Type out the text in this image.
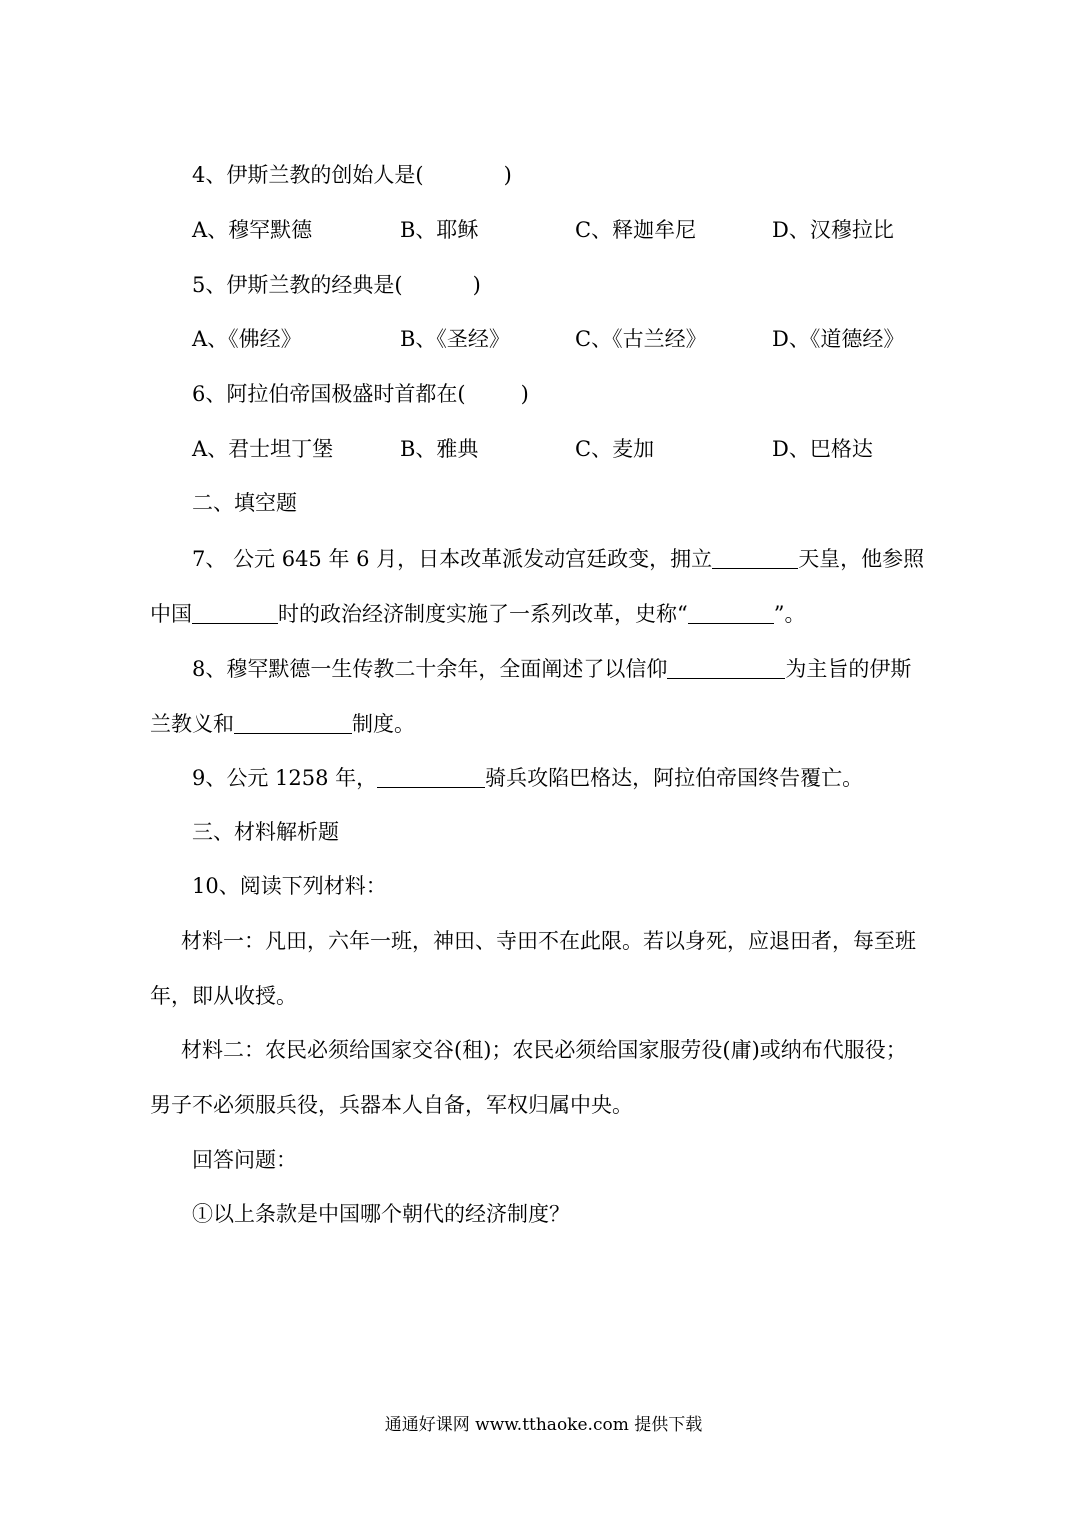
4、伊斯兰教的创始人是(	)
A、穆罕默德	B、耶稣	C、释迦牟尼	D、汉穆拉比
5、伊斯兰教的经典是(	)
A、《佛经》	B、《圣经》	C、《古兰经》	D、《道德经》
6、阿拉伯帝国极盛时首都在(	)
A、君士坦丁堡	B、雅典	C、麦加	D、巴格达
二、填空题
7、 公元 645 年 6 月，日本改革派发动宫廷政变，拥立	天皇，他参照
中国	时的政治经济制度实施了一系列改革，史称“	”。
8、穆罕默德一生传教二十余年，全面阐述了以信仰	为主旨的伊斯
兰教义和	制度。
9、公元 1258 年，	骑兵攻陷巴格达，阿拉伯帝国终告覆亡。
三、材料解析题
10、阅读下列材料：
材料一：凡田，六年一班，神田、寺田不在此限。若以身死，应退田者，每至班
年，即从收授。
材料二：农民必须给国家交谷(租)；农民必须给国家服劳役(庸)或纳布代服役；
男子不必须服兵役，兵器本人自备，军权归属中央。
回答问题：
①以上条款是中国哪个朝代的经济制度？
通通好课网 www.tthaoke.com 提供下载
